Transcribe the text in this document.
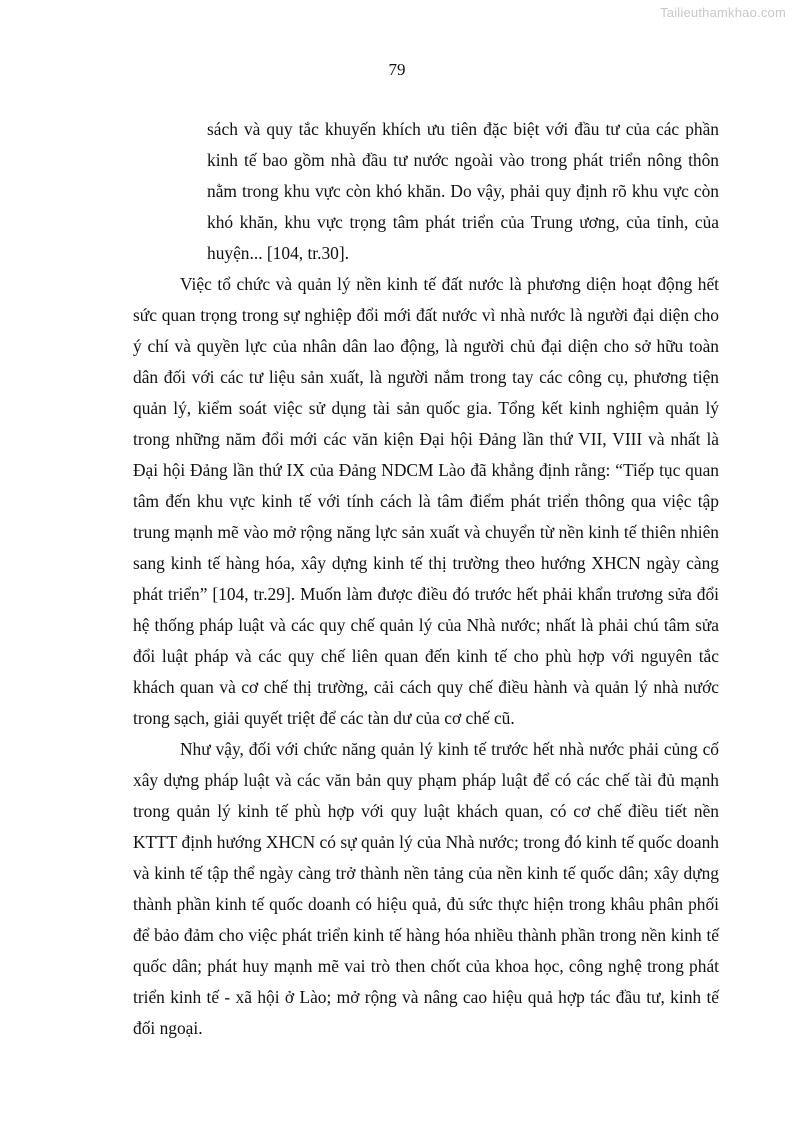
Tailieuthamkhao.com
79

sách và quy tắc khuyến khích ưu tiên đặc biệt với đầu tư của các phần kinh tế bao gồm nhà đầu tư nước ngoài vào trong phát triển nông thôn nằm trong khu vực còn khó khăn. Do vậy, phải quy định rõ khu vực còn khó khăn, khu vực trọng tâm phát triển của Trung ương, của tỉnh, của huyện... [104, tr.30].

Việc tổ chức và quản lý nền kinh tế đất nước là phương diện hoạt động hết sức quan trọng trong sự nghiệp đổi mới đất nước vì nhà nước là người đại diện cho ý chí và quyền lực của nhân dân lao động, là người chủ đại diện cho sở hữu toàn dân đối với các tư liệu sản xuất, là người nắm trong tay các công cụ, phương tiện quản lý, kiểm soát việc sử dụng tài sản quốc gia. Tổng kết kinh nghiệm quản lý trong những năm đổi mới các văn kiện Đại hội Đảng lần thứ VII, VIII và nhất là Đại hội Đảng lần thứ IX của Đảng NDCM Lào đã khẳng định rằng: “Tiếp tục quan tâm đến khu vực kinh tế với tính cách là tâm điểm phát triển thông qua việc tập trung mạnh mẽ vào mở rộng năng lực sản xuất và chuyển từ nền kinh tế thiên nhiên sang kinh tế hàng hóa, xây dựng kinh tế thị trường theo hướng XHCN ngày càng phát triển” [104, tr.29]. Muốn làm được điều đó trước hết phải khẩn trương sửa đổi hệ thống pháp luật và các quy chế quản lý của Nhà nước; nhất là phải chú tâm sửa đổi luật pháp và các quy chế liên quan đến kinh tế cho phù hợp với nguyên tắc khách quan và cơ chế thị trường, cải cách quy chế điều hành và quản lý nhà nước trong sạch, giải quyết triệt để các tàn dư của cơ chế cũ.

Như vậy, đối với chức năng quản lý kinh tế trước hết nhà nước phải củng cố xây dựng pháp luật và các văn bản quy phạm pháp luật để có các chế tài đủ mạnh trong quản lý kinh tế phù hợp với quy luật khách quan, có cơ chế điều tiết nền KTTT định hướng XHCN có sự quản lý của Nhà nước; trong đó kinh tế quốc doanh và kinh tế tập thể ngày càng trở thành nền tảng của nền kinh tế quốc dân; xây dựng thành phần kinh tế quốc doanh có hiệu quả, đủ sức thực hiện trong khâu phân phối để bảo đảm cho việc phát triển kinh tế hàng hóa nhiều thành phần trong nền kinh tế quốc dân; phát huy mạnh mẽ vai trò then chốt của khoa học, công nghệ trong phát triển kinh tế - xã hội ở Lào; mở rộng và nâng cao hiệu quả hợp tác đầu tư, kinh tế đối ngoại.
